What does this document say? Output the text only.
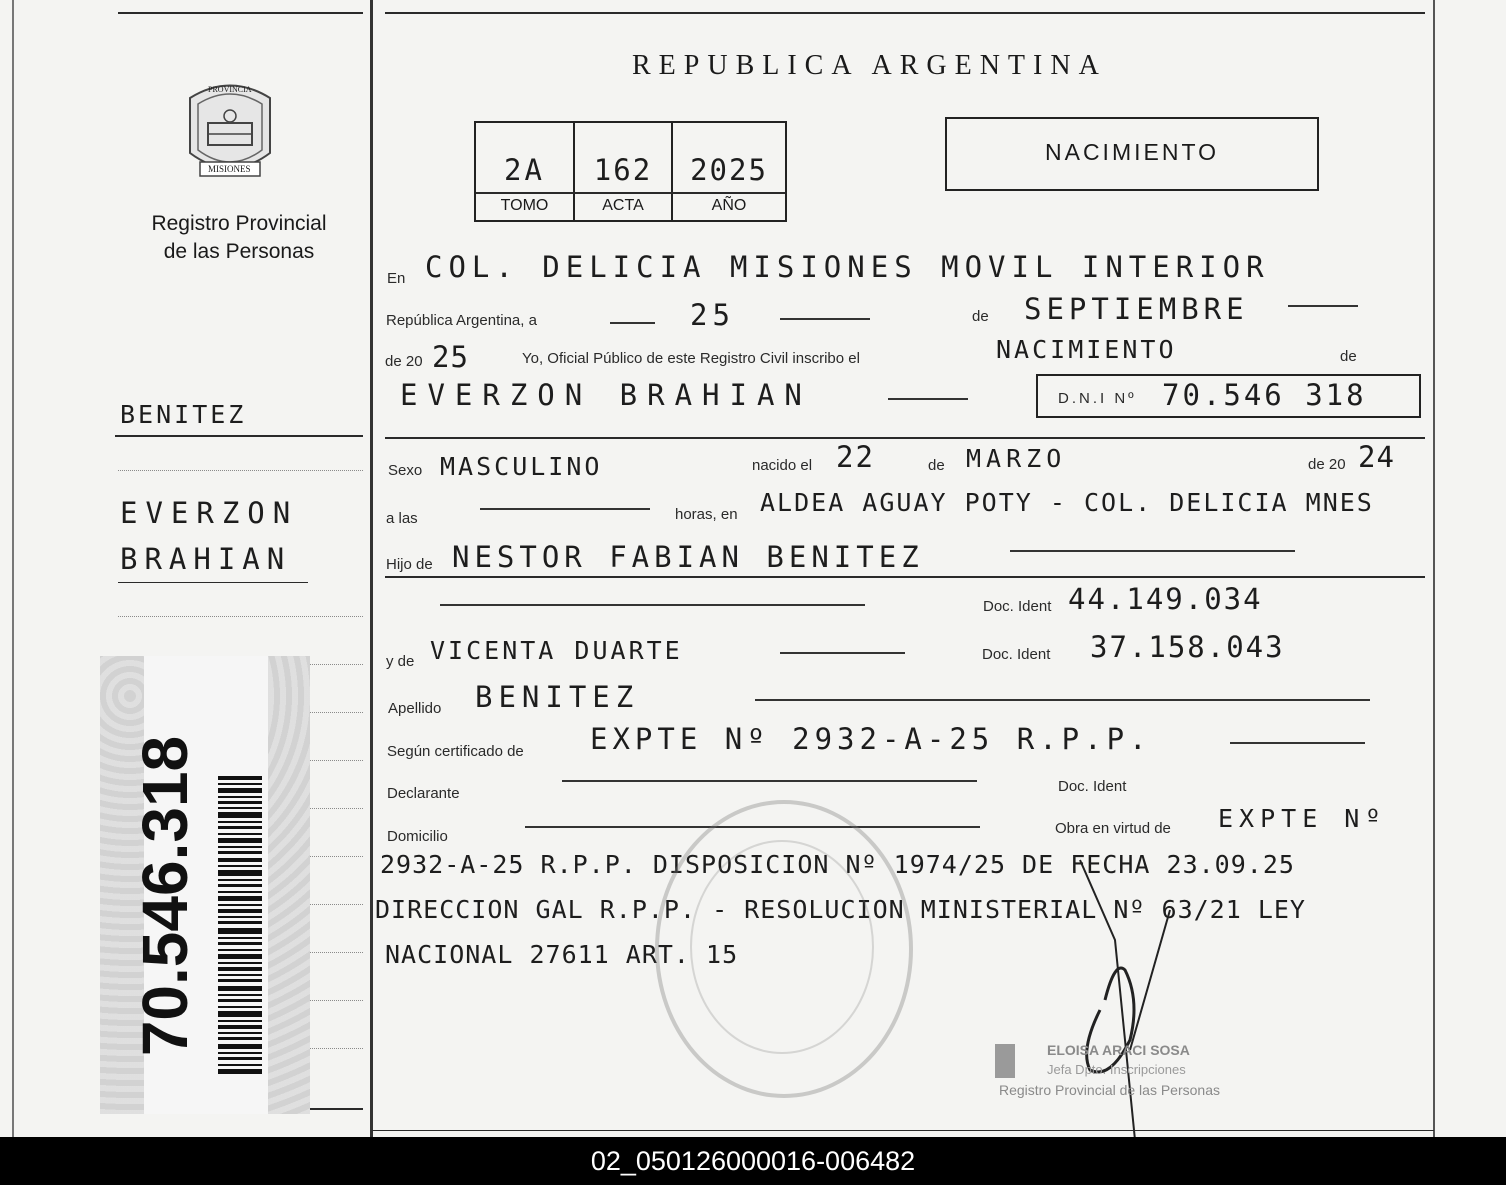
PROVINCIA
MISIONES
Registro Provincial
de las Personas
BENITEZ
EVERZON
BRAHIAN
70.546.318
REPUBLICA ARGENTINA
2A	162	2025
TOMO	ACTA	AÑO
NACIMIENTO
En COL. DELICIA MISIONES MOVIL INTERIOR
República Argentina, a	25	de SEPTIEMBRE
de 20 25	Yo, Oficial Público de este Registro Civil inscribo el	NACIMIENTO	de
EVERZON BRAHIAN	D.N.I Nº 70.546 318
Sexo MASCULINO	nacido el 22	de MARZO	de 20 24
a las	horas, en ALDEA AGUAY POTY - COL. DELICIA MNES
Hijo de NESTOR FABIAN BENITEZ
Doc. Ident 44.149.034
y de VICENTA DUARTE	Doc. Ident 37.158.043
Apellido BENITEZ
Según certificado de EXPTE Nº 2932-A-25 R.P.P.
Declarante	Doc. Ident
Domicilio	Obra en virtud de EXPTE Nº
2932-A-25 R.P.P. DISPOSICION Nº 1974/25 DE FECHA 23.09.25
DIRECCION GAL R.P.P. - RESOLUCION MINISTERIAL Nº 63/21 LEY
NACIONAL 27611 ART. 15
ELOISA ARACI SOSA
Jefa Dpto. Inscripciones
Registro Provincial de las Personas
02_050126000016-006482
